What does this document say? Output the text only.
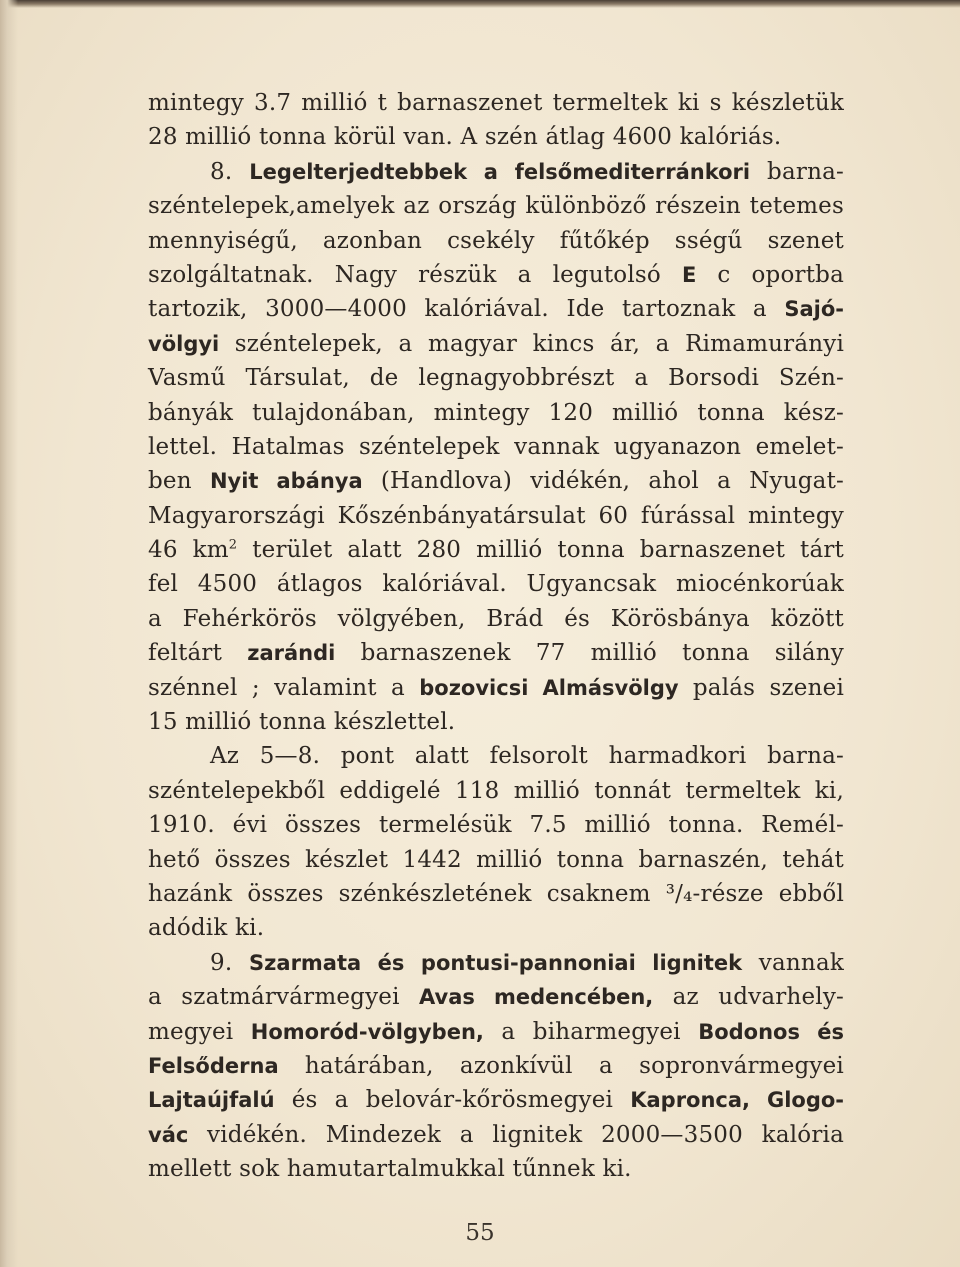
mintegy 3.7 millió t barnaszenet termeltek ki s készletük
28 millió tonna körül van. A szén átlag 4600 kalóriás.
8. Legelterjedtebbek a felsőmediterránkori barna-
széntelepek,amelyek az ország különböző részein tetemes
mennyiségű, azonban csekély fűtőkép sségű szenet
szolgáltatnak. Nagy részük a legutolsó E c oportba
tartozik, 3000—4000 kalóriával. Ide tartoznak a Sajó-
völgyi széntelepek, a magyar kincs ár, a Rimamurányi
Vasmű Társulat, de legnagyobbrészt a Borsodi Szén-
bányák tulajdonában, mintegy 120 millió tonna kész-
lettel. Hatalmas széntelepek vannak ugyanazon emelet-
ben Nyit abánya (Handlova) vidékén, ahol a Nyugat-
Magyarországi Kőszénbányatársulat 60 fúrással mintegy
46 $km^2$ terület alatt 280 millió tonna barnaszenet tárt
fel 4500 átlagos kalóriával. Ugyancsak miocénkorúak
a Fehérkörös völgyében, Brád és Körösbánya között
feltárt zarándi barnaszenek 77 millió tonna silány
szénnel ; valamint a bozovicsi Almásvölgy palás szenei
15 millió tonna készlettel.
Az 5—8. pont alatt felsorolt harmadkori barna-
széntelepekből eddigelé 118 millió tonnát termeltek ki,
1910. évi összes termelésük 7.5 millió tonna. Remél-
hető összes készlet 1442 millió tonna barnaszén, tehát
hazánk összes szénkészletének csaknem ³/₄-része ebből
adódik ki.
9. Szarmata és pontusi-pannoniai lignitek vannak
a szatmárvármegyei Avas medencében, az udvarhely-
megyei Homoród-völgyben, a biharmegyei Bodonos és
Felsőderna határában, azonkívül a sopronvármegyei
Lajtaújfalú és a belovár-kőrösmegyei Kapronca, Glogo-
vác vidékén. Mindezek a lignitek 2000—3500 kalória
mellett sok hamutartalmukkal tűnnek ki.
55
